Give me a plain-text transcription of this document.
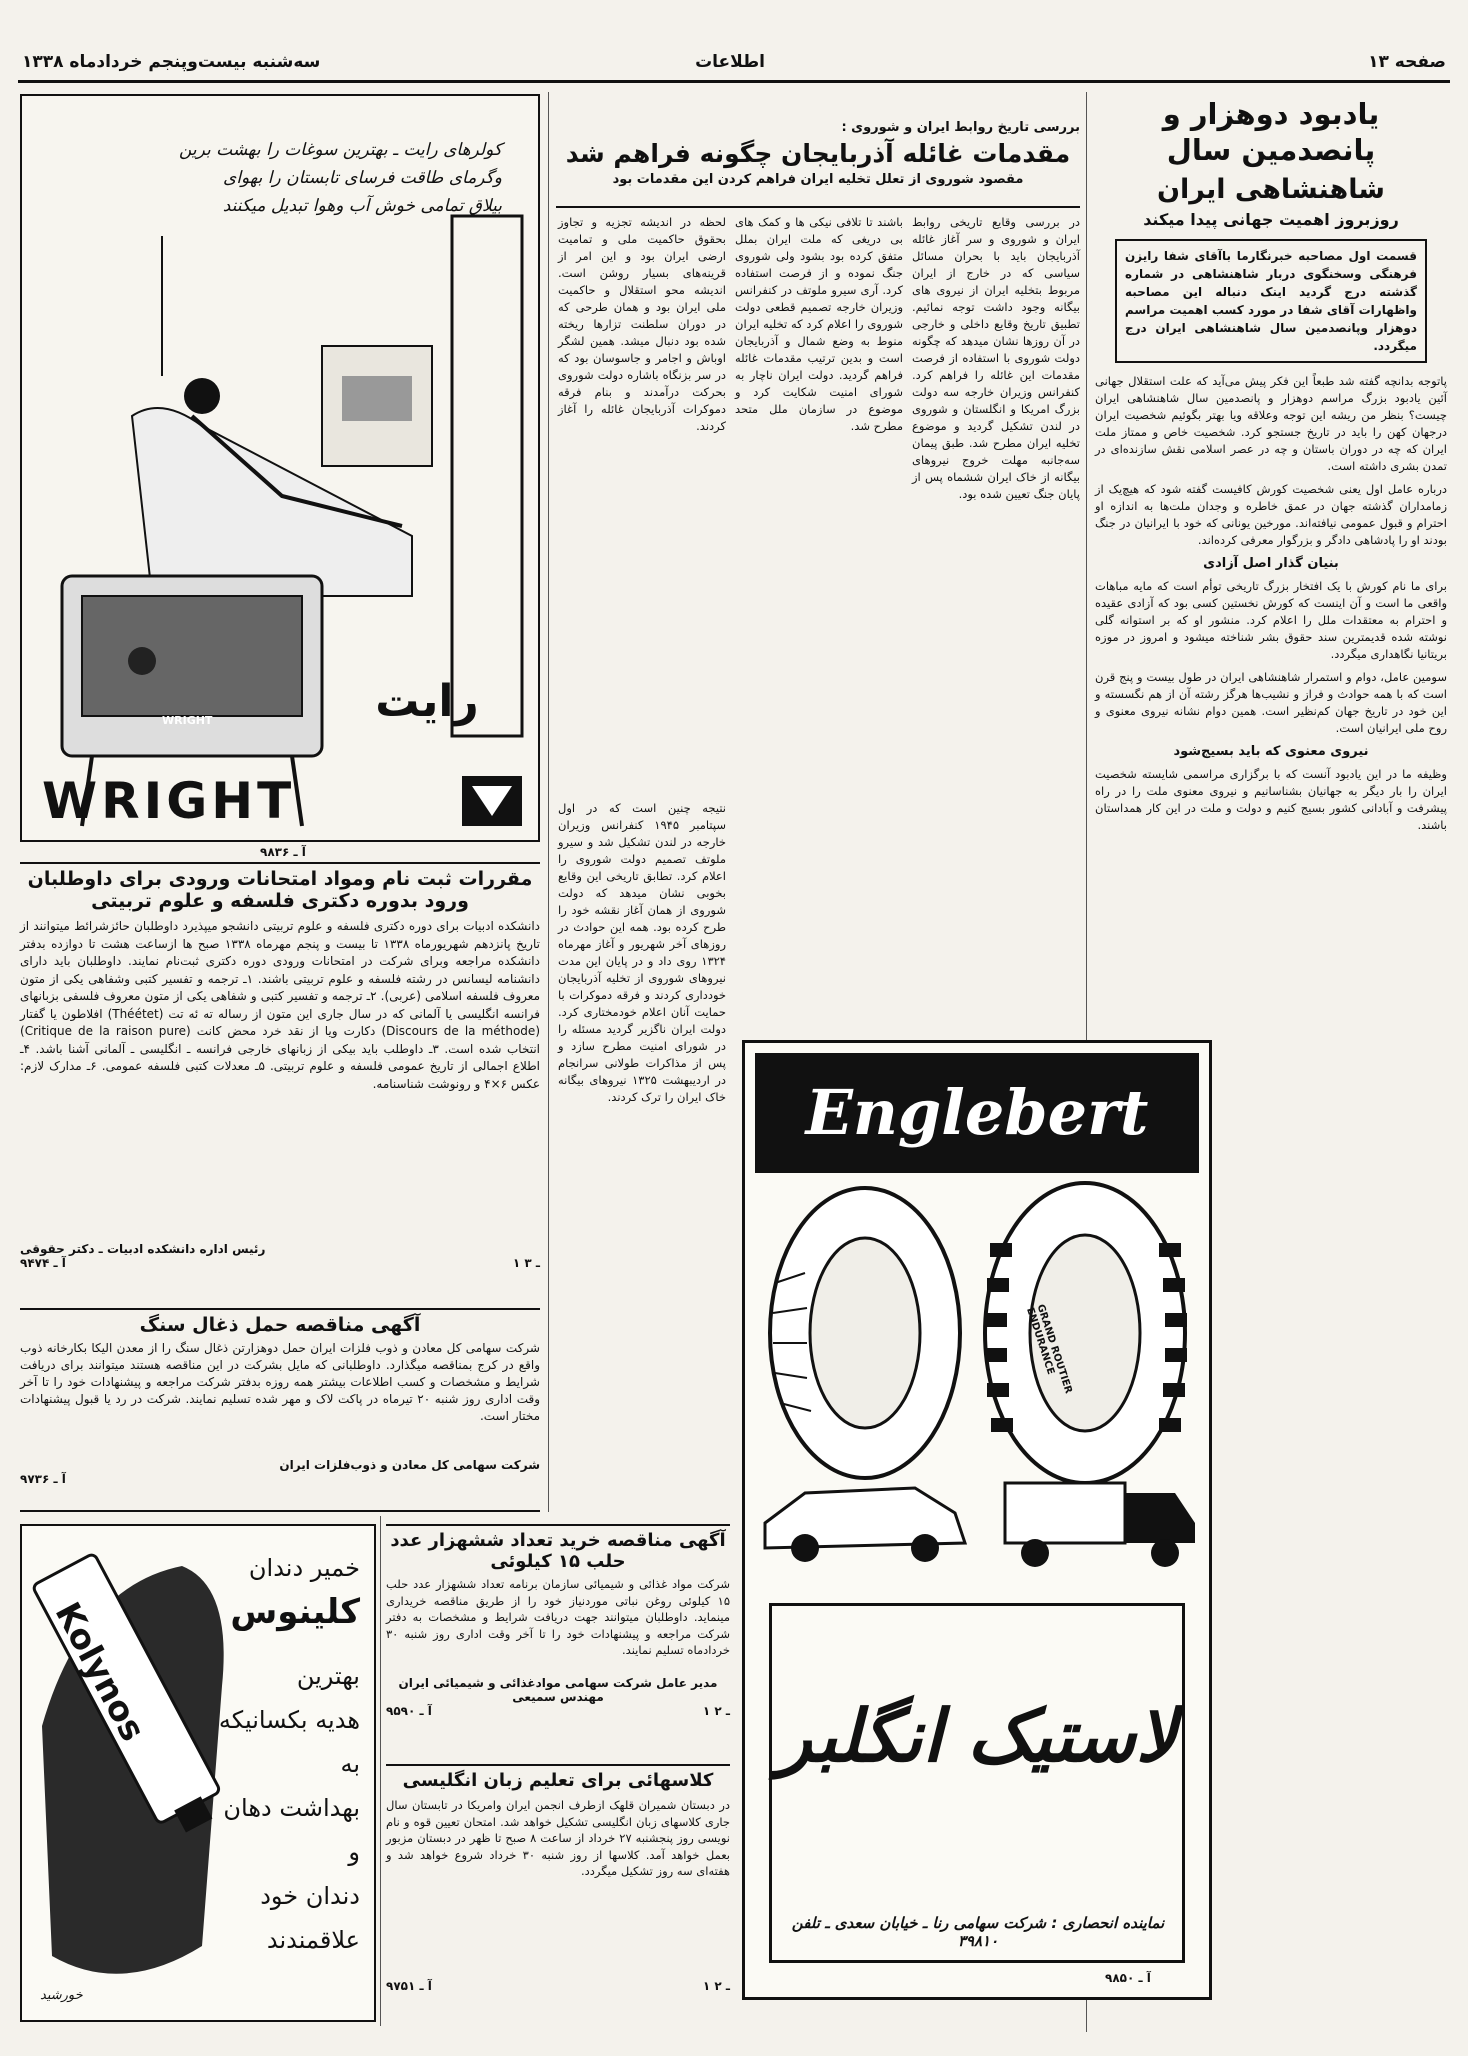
سه‌شنبه بیست‌وپنجم خردادماه ۱۳۳۸	اطلاعات	صفحه ۱۳
یادبود دوهزار و پانصدمین سال
شاهنشاهی ایران
روزبروز اهمیت جهانی پیدا میکند
قسمت اول مصاحبه خبرنگارما باآقای شفا رایزن فرهنگی وسخنگوی دربار شاهنشاهی در شماره گذشته درج گردید اینک دنباله این مصاحبه واظهارات آقای شفا در مورد کسب اهمیت مراسم دوهزار وپانصدمین سال شاهنشاهی ایران درج میگردد.

پاتوجه بدانچه گفته شد طبعاً این فکر پیش می‌آید که علت استقلال جهانی آئین یادبود بزرگ مراسم دوهزار و پانصدمین سال شاهنشاهی ایران چیست؟ بنظر من ریشه این توجه وعلاقه ویا بهتر بگوئیم شخصیت ایران درجهان کهن را باید در تاریخ جستجو کرد. شخصیت خاص و ممتاز ملت ایران که چه در دوران باستان و چه در عصر اسلامی نقش سازنده‌ای در تمدن بشری داشته است.

درباره عامل اول یعنی شخصیت کورش کافیست گفته شود که هیچ‌یک از زمامداران گذشته جهان در عمق خاطره و وجدان ملت‌ها به اندازه او احترام و قبول عمومی نیافته‌اند. مورخین یونانی که خود با ایرانیان در جنگ بودند او را پادشاهی دادگر و بزرگوار معرفی کرده‌اند.

بنیان گذار اصل آزادی

برای ما نام کورش با یک افتخار بزرگ تاریخی توأم است که مایه مباهات واقعی ما است و آن اینست که کورش نخستین کسی بود که آزادی عقیده و احترام به معتقدات ملل را اعلام کرد. منشور او که بر استوانه گلی نوشته شده قدیمترین سند حقوق بشر شناخته میشود و امروز در موزه بریتانیا نگاهداری میگردد.

سومین عامل، دوام و استمرار شاهنشاهی ایران در طول بیست و پنج قرن است که با همه حوادث و فراز و نشیب‌ها هرگز رشته آن از هم نگسسته و این خود در تاریخ جهان کم‌نظیر است. همین دوام نشانه نیروی معنوی و روح ملی ایرانیان است.

نیروی معنوی که باید بسیج‌شود

وظیفه ما در این یادبود آنست که با برگزاری مراسمی شایسته شخصیت ایران را بار دیگر به جهانیان بشناسانیم و نیروی معنوی ملت را در راه پیشرفت و آبادانی کشور بسیج کنیم و دولت و ملت در این کار همداستان باشند.

بررسی تاریخ روابط ایران و شوروی :
مقدمات غائله آذربایجان چگونه فراهم شد
مقصود شوروی از تعلل تخلیه ایران فراهم کردن این مقدمات بود
در بررسی وقایع تاریخی روابط ایران و شوروی و سر آغاز غائله آذربایجان باید با بحران مسائل سیاسی که در خارج از ایران مربوط بتخلیه ایران از نیروی های بیگانه وجود داشت توجه نمائیم. تطبیق تاریخ وقایع داخلی و خارجی در آن روزها نشان میدهد که چگونه دولت شوروی با استفاده از فرصت مقدمات این غائله را فراهم کرد. کنفرانس وزیران خارجه سه دولت بزرگ امریکا و انگلستان و شوروی در لندن تشکیل گردید و موضوع تخلیه ایران مطرح شد. طبق پیمان سه‌جانبه مهلت خروج نیروهای بیگانه از خاک ایران ششماه پس از پایان جنگ تعیین شده بود.
باشند تا تلافی نیکی ها و کمک های بی دریغی که ملت ایران بملل متفق کرده بود بشود ولی شوروی جنگ نموده و از فرصت استفاده کرد. آری سیرو ملوتف در کنفرانس وزیران خارجه تصمیم قطعی دولت شوروی را اعلام کرد که تخلیه ایران منوط به وضع شمال و آذربایجان است و بدین ترتیب مقدمات غائله فراهم گردید. دولت ایران ناچار به شورای امنیت شکایت کرد و موضوع در سازمان ملل متحد مطرح شد.
لحظه در اندیشه تجزیه و تجاوز بحقوق حاکمیت ملی و تمامیت ارضی ایران بود و این امر از قرینه‌های بسیار روشن است. اندیشه محو استقلال و حاکمیت ملی ایران بود و همان طرحی که در دوران سلطنت تزارها ریخته شده بود دنبال میشد. همین لشگر اوباش و اجامر و جاسوسان بود که در سر بزنگاه باشاره دولت شوروی بحرکت درآمدند و بنام فرقه دموکرات آذربایجان غائله را آغاز کردند.
نتیجه چنین است که در اول سپتامبر ۱۹۴۵ کنفرانس وزیران خارجه در لندن تشکیل شد و سیرو ملوتف تصمیم دولت شوروی را اعلام کرد. تطابق تاریخی این وقایع بخوبی نشان میدهد که دولت شوروی از همان آغاز نقشه خود را طرح کرده بود. همه این حوادث در روزهای آخر شهریور و آغاز مهرماه ۱۳۲۴ روی داد و در پایان این مدت نیروهای شوروی از تخلیه آذربایجان خودداری کردند و فرقه دموکرات با حمایت آنان اعلام خودمختاری کرد. دولت ایران ناگزیر گردید مسئله را در شورای امنیت مطرح سازد و پس از مذاکرات طولانی سرانجام در اردیبهشت ۱۳۲۵ نیروهای بیگانه خاک ایران را ترک کردند.
کولرهای رایت ـ بهترین سوغات را بهشت برین
وگرمای طاقت فرسای تابستان را بهوای
بیلاق تمامی خوش آب وهوا تبدیل میکنند
WRIGHT	رایت
WRIGHT
آ ـ ۹۸۳۶
مقررات ثبت نام ومواد امتحانات ورودی برای داوطلبان
ورود بدوره دکتری فلسفه و علوم تربیتی
دانشکده ادبیات برای دوره دکتری فلسفه و علوم تربیتی دانشجو میپذیرد داوطلبان حائزشرائط میتوانند از تاریخ پانزدهم شهریورماه ۱۳۳۸ تا بیست و پنجم مهرماه ۱۳۳۸ صبح ها ازساعت هشت تا دوازده بدفتر دانشکده مراجعه وبرای شرکت در امتحانات ورودی دوره دکتری ثبت‌نام نمایند. داوطلبان باید دارای دانشنامه لیسانس در رشته فلسفه و علوم تربیتی باشند. ۱ـ ترجمه و تفسیر کتبی وشفاهی یکی از متون معروف فلسفه اسلامی (عربی). ۲ـ ترجمه و تفسیر کتبی و شفاهی یکی از متون معروف فلسفی بزبانهای فرانسه انگلیسی یا آلمانی که در سال جاری این متون از رساله ته ئه تت (Théétet) افلاطون یا گفتار (Discours de la méthode) دکارت ویا از نقد خرد محض کانت (Critique de la raison pure) انتخاب شده است. ۳ـ داوطلب باید بیکی از زبانهای خارجی فرانسه ـ انگلیسی ـ آلمانی آشنا باشد. ۴ـ اطلاع اجمالی از تاریخ عمومی فلسفه و علوم تربیتی. ۵ـ معدلات کتبی فلسفه عمومی. ۶ـ مدارک لازم: عکس ۶×۴ و رونوشت شناسنامه.
رئیس اداره دانشکده ادبیات ـ دکتر حقوقی
آ ـ ۹۴۷۴	۱ ـ ۳
آگهی مناقصه حمل ذغال سنگ
شرکت سهامی کل معادن و ذوب فلزات ایران حمل دوهزارتن ذغال سنگ را از معدن الیکا بکارخانه ذوب واقع در کرج بمناقصه میگذارد. داوطلبانی که مایل بشرکت در این مناقصه هستند میتوانند برای دریافت شرایط و مشخصات و کسب اطلاعات بیشتر همه روزه بدفتر شرکت مراجعه و پیشنهادات خود را تا آخر وقت اداری روز شنبه ۲۰ تیرماه در پاکت لاک و مهر شده تسلیم نمایند. شرکت در رد یا قبول پیشنهادات مختار است.
شرکت سهامی کل معادن و ذوب‌فلزات ایران
آ ـ ۹۷۳۶
Kolynos
خمیر دندان
کلینوس
بهترین
هدیه بکسانیکه به
بهداشت دهان و
دندان خود علاقمندند
خورشید
آگهی مناقصه خرید تعداد ششهزار عدد
حلب ۱۵ کیلوئی
شرکت مواد غذائی و شیمیائی سازمان برنامه تعداد ششهزار عدد حلب ۱۵ کیلوئی روغن نباتی موردنیاز خود را از طریق مناقصه خریداری مینماید. داوطلبان میتوانند جهت دریافت شرایط و مشخصات به دفتر شرکت مراجعه و پیشنهادات خود را تا آخر وقت اداری روز شنبه ۳۰ خردادماه تسلیم نمایند.
مدیر عامل شرکت سهامی موادغذائی و شیمیائی ایران
مهندس سمیعی
آ ـ ۹۵۹۰	۱ ـ ۲
کلاسهائی برای تعلیم زبان انگلیسی
در دبستان شمیران قلهک ازطرف انجمن ایران وامریکا در تابستان سال جاری کلاسهای زبان انگلیسی تشکیل خواهد شد. امتحان تعیین قوه و نام نویسی روز پنجشنبه ۲۷ خرداد از ساعت ۸ صبح تا ظهر در دبستان مزبور بعمل خواهد آمد. کلاسها از روز شنبه ۳۰ خرداد شروع خواهد شد و هفته‌ای سه روز تشکیل میگردد.
آ ـ ۹۷۵۱	۱ ـ ۲
Englebert
GRAND ROUTIER ENDURANCE
لاستیک انگلبر
نماینده انحصاری : شرکت سهامی رنا ـ خیابان سعدی ـ تلفن ۳۹۸۱۰
آ ـ ۹۸۵۰
